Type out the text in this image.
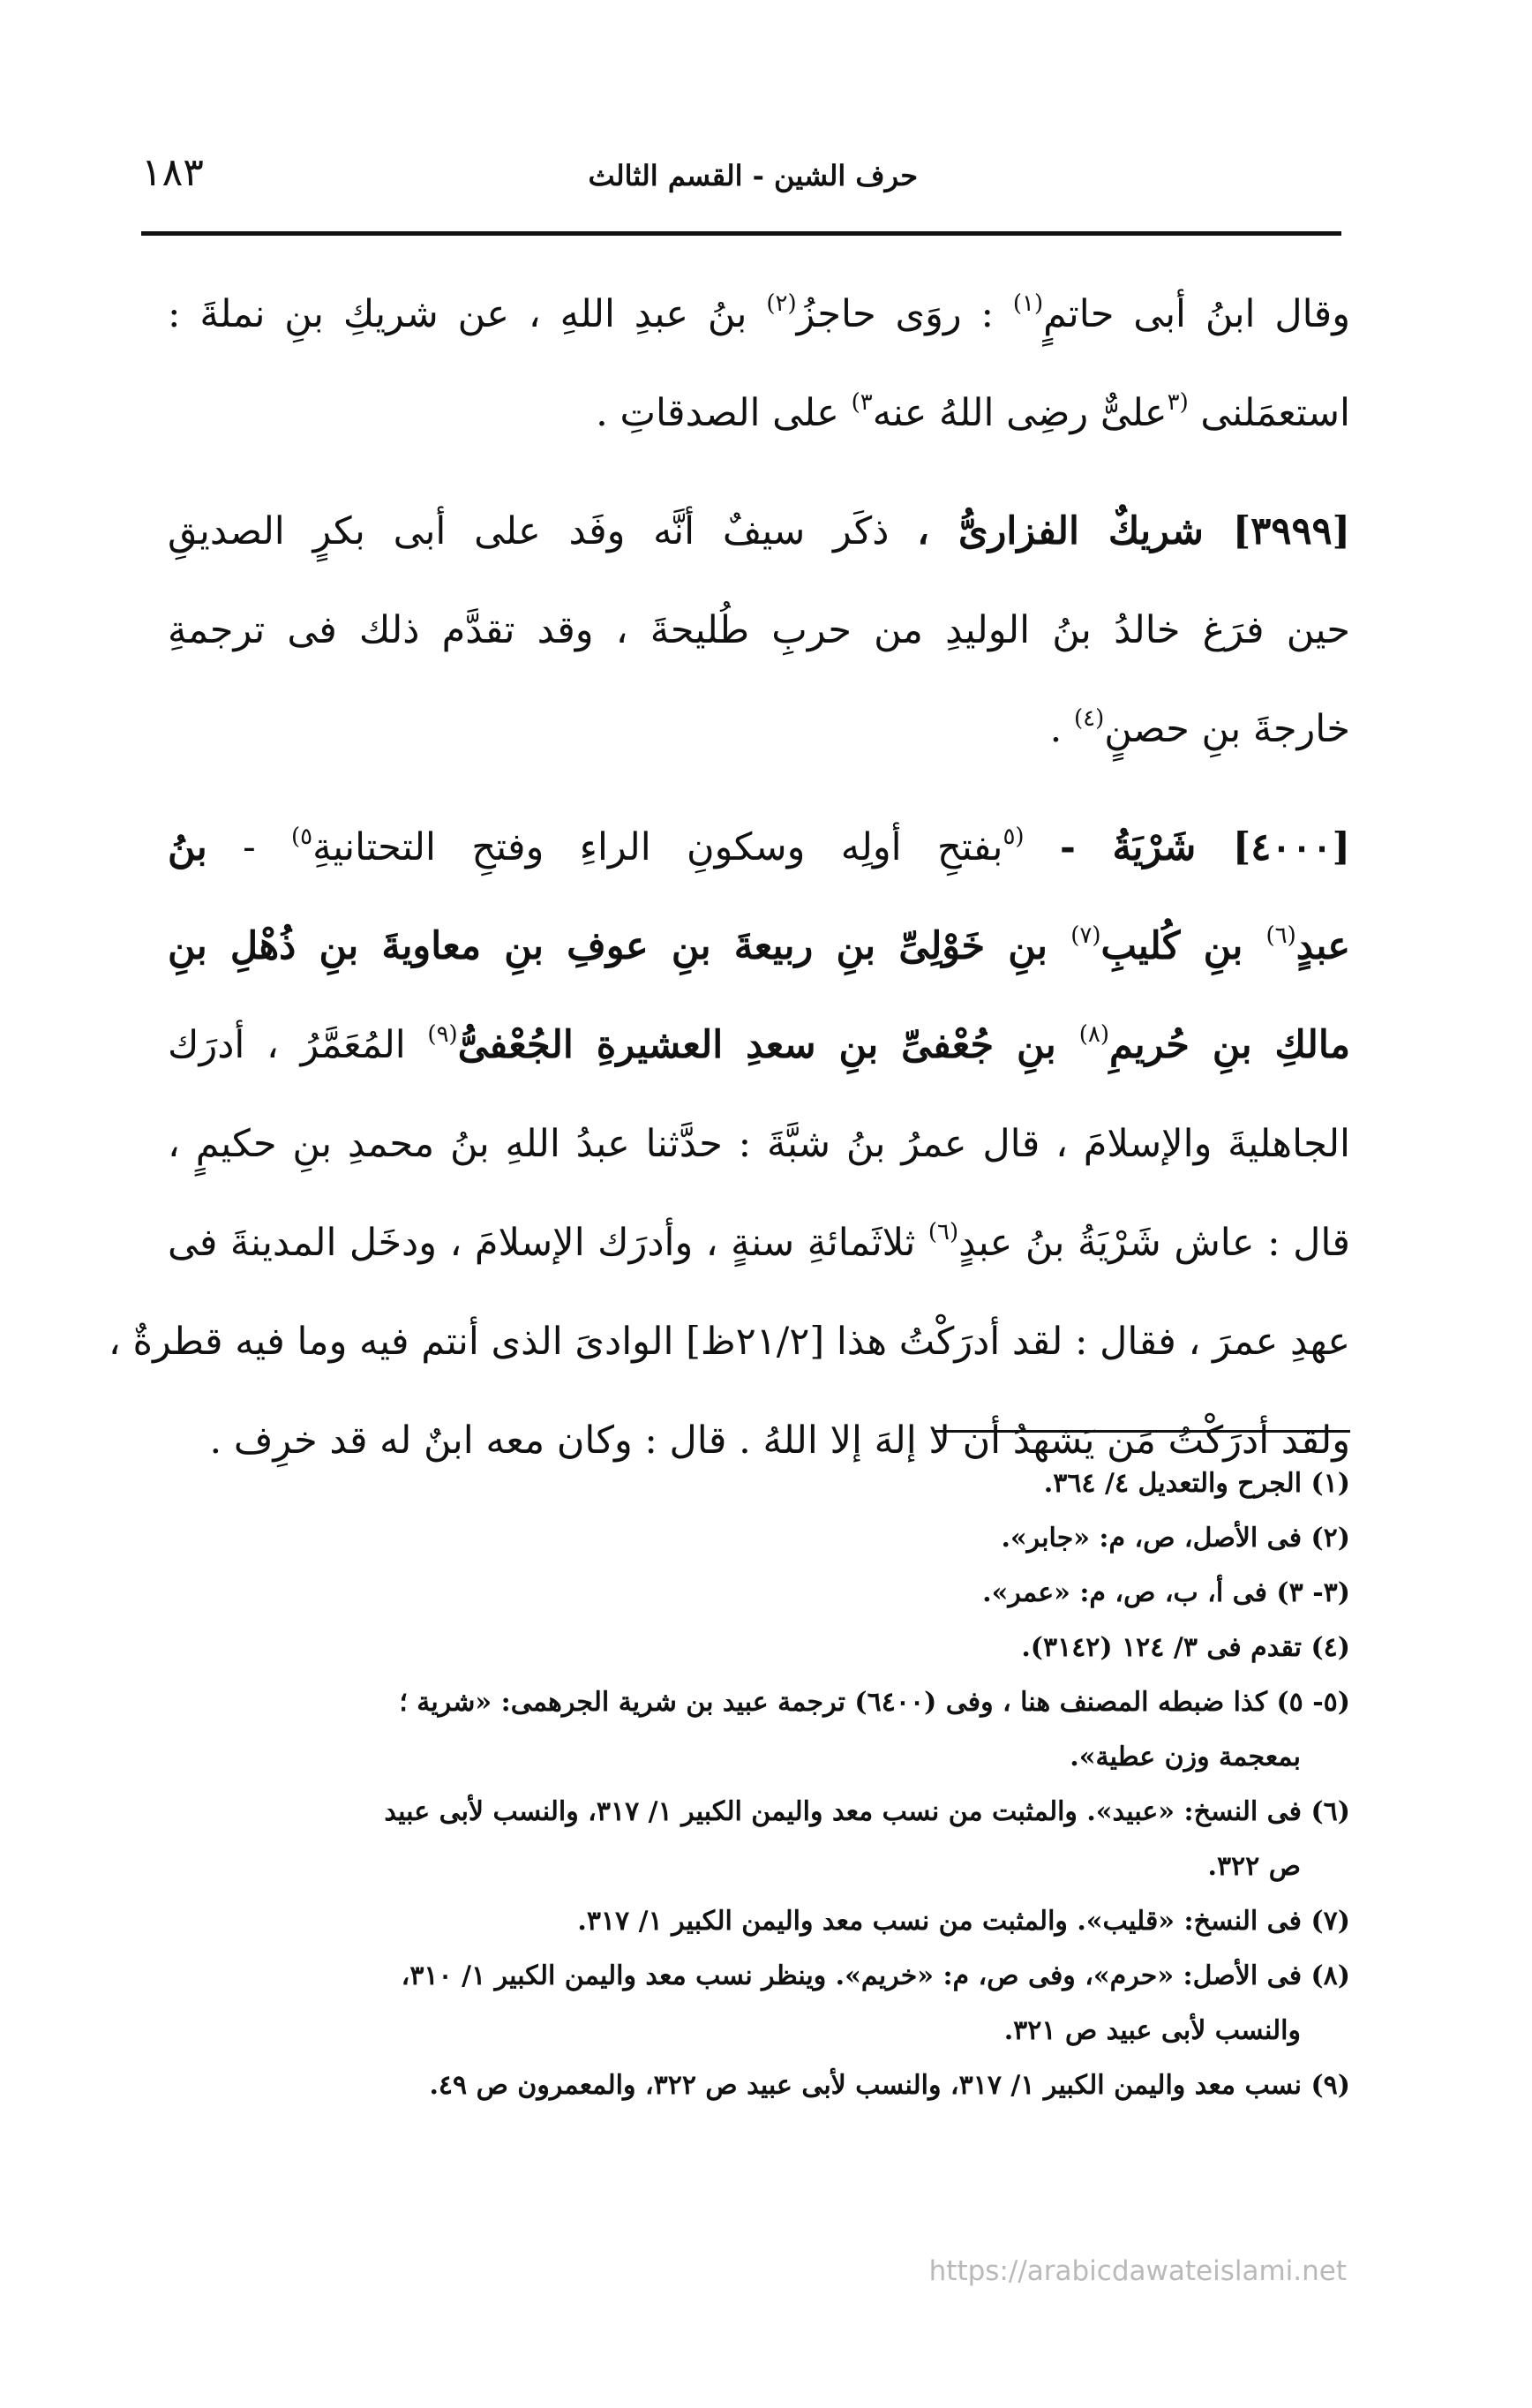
حرف الشين - القسم الثالث
١٨٣
وقال ابنُ أبى حاتمٍ$^{(١)}$ : روَى حاجزُ$^{(٢)}$ بنُ عبدِ اللهِ ، عن شريكِ بنِ نملةَ :
استعمَلنى $^{(٣}$علىٌّ رضِى اللهُ عنه$^{٣)}$ على الصدقاتِ .
[٣٩٩٩] شريكٌ الفزارىُّ ، ذكَر سيفٌ أنَّه وفَد على أبى بكرٍ الصديقِ
حين فرَغ خالدُ بنُ الوليدِ من حربِ طُليحةَ ، وقد تقدَّم ذلك فى ترجمةِ
خارجةَ بنِ حصنٍ$^{(٤)}$ .
[٤٠٠٠] شَرْيَةُ - $^{(٥}$بفتحِ أولِه وسكونِ الراءِ وفتحِ التحتانيةِ$^{٥)}$ - بنُ
عبدٍ$^{(٦)}$ بنِ كُليبِ$^{(٧)}$ بنِ خَوْلِىِّ بنِ ربيعةَ بنِ عوفِ بنِ معاويةَ بنِ ذُهْلِ بنِ
مالكِ بنِ حُريمِ$^{(٨)}$ بنِ جُعْفىِّ بنِ سعدِ العشيرةِ الجُعْفىُّ$^{(٩)}$ المُعَمَّرُ ، أدرَك
الجاهليةَ والإسلامَ ، قال عمرُ بنُ شبَّةَ : حدَّثنا عبدُ اللهِ بنُ محمدِ بنِ حكيمٍ ،
قال : عاش شَرْيَةُ بنُ عبدٍ$^{(٦)}$ ثلاثَمائةِ سنةٍ ، وأدرَك الإسلامَ ، ودخَل المدينةَ فى
عهدِ عمرَ ، فقال : لقد أدرَكْتُ هذا [٢١/٢ظ] الوادىَ الذى أنتم فيه وما فيه قطرةٌ ،
ولقد أدرَكْتُ مَن يَشهدُ أن لا إلهَ إلا اللهُ . قال : وكان معه ابنٌ له قد خرِف .
(١) الجرح والتعديل ٤/ ٣٦٤.
(٢) فى الأصل، ص، م: «جابر».
(٣- ٣) فى أ، ب، ص، م: «عمر».
(٤) تقدم فى ٣/ ١٢٤ (٣١٤٢).
(٥- ٥) كذا ضبطه المصنف هنا ، وفى (٦٤٠٠) ترجمة عبيد بن شرية الجرهمى: «شرية ؛
بمعجمة وزن عطية».
(٦) فى النسخ: «عبيد». والمثبت من نسب معد واليمن الكبير ١/ ٣١٧، والنسب لأبى عبيد
ص ٣٢٢.
(٧) فى النسخ: «قليب». والمثبت من نسب معد واليمن الكبير ١/ ٣١٧.
(٨) فى الأصل: «حرم»، وفى ص، م: «خريم». وينظر نسب معد واليمن الكبير ١/ ٣١٠،
والنسب لأبى عبيد ص ٣٢١.
(٩) نسب معد واليمن الكبير ١/ ٣١٧، والنسب لأبى عبيد ص ٣٢٢، والمعمرون ص ٤٩.
https://arabicdawateislami.net
